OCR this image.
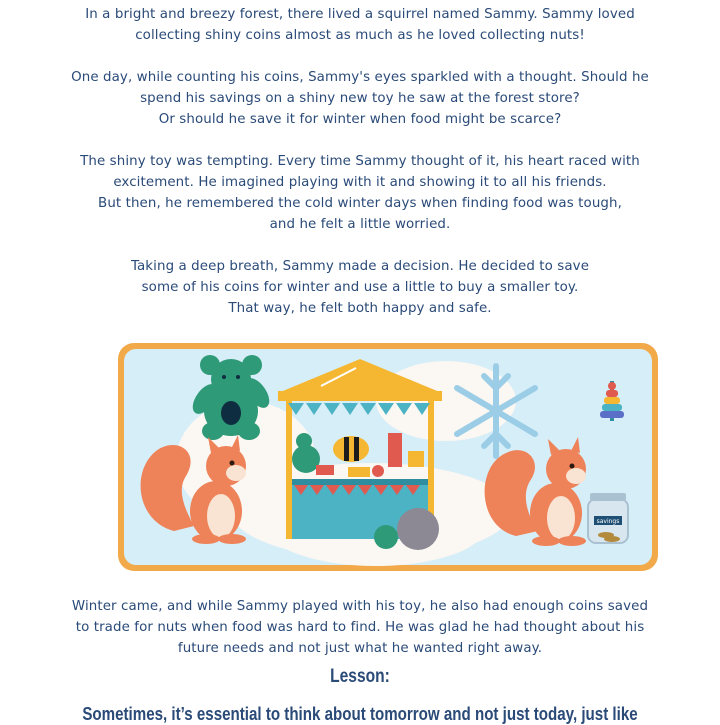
In a bright and breezy forest, there lived a squirrel named Sammy. Sammy loved
collecting shiny coins almost as much as he loved collecting nuts!

One day, while counting his coins, Sammy's eyes sparkled with a thought. Should he
spend his savings on a shiny new toy he saw at the forest store?
Or should he save it for winter when food might be scarce?

The shiny toy was tempting. Every time Sammy thought of it, his heart raced with
excitement. He imagined playing with it and showing it to all his friends.
But then, he remembered the cold winter days when finding food was tough,
and he felt a little worried.

Taking a deep breath, Sammy made a decision. He decided to save
some of his coins for winter and use a little to buy a smaller toy.
That way, he felt both happy and safe.

savings
Winter came, and while Sammy played with his toy, he also had enough coins saved
to trade for nuts when food was hard to find. He was glad he had thought about his
future needs and not just what he wanted right away.
Lesson:
Sometimes, it’s essential to think about tomorrow and not just today, just like
